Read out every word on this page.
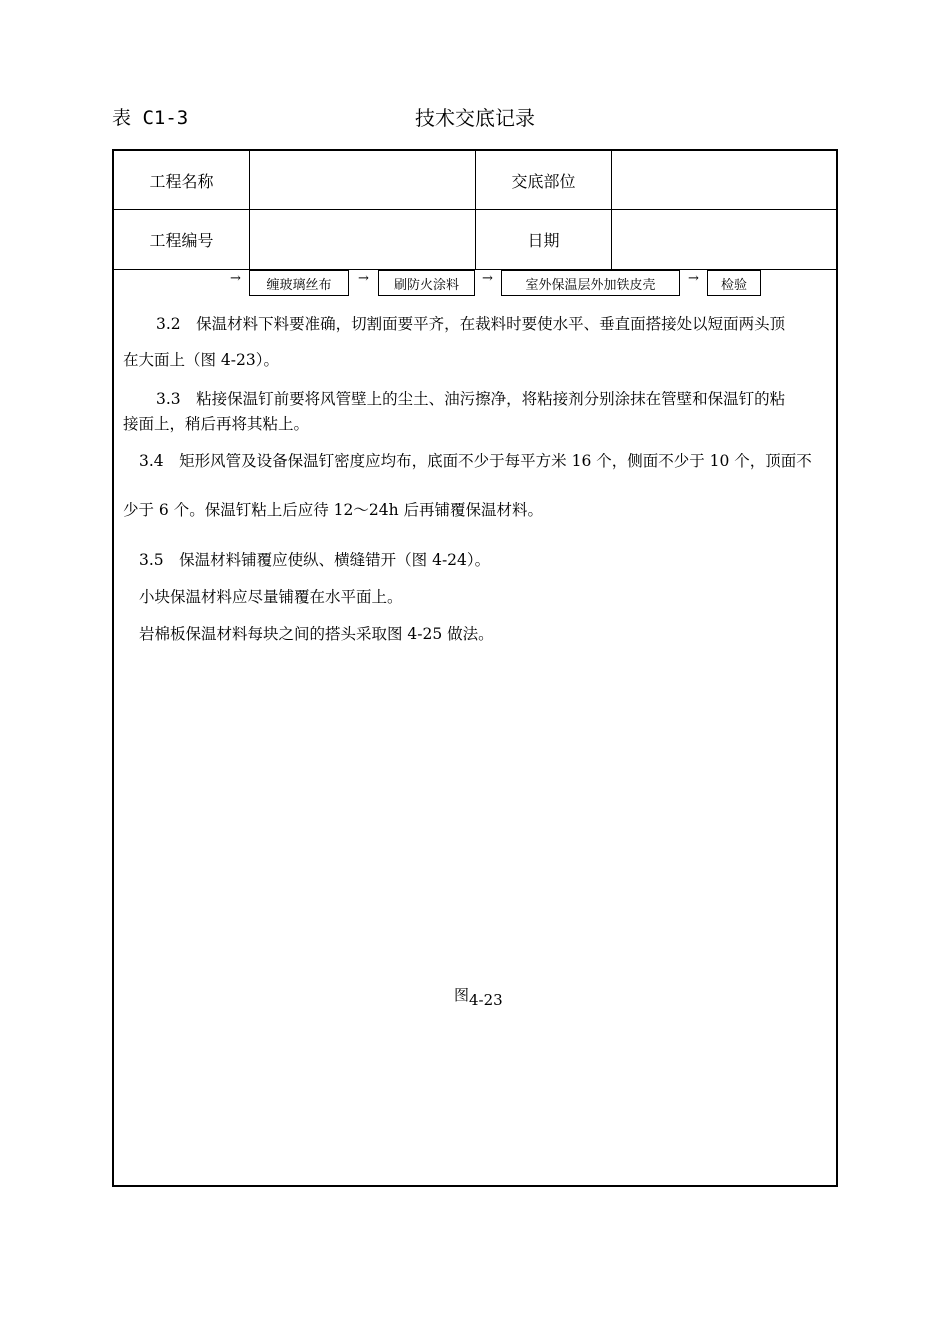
表 C1-3	技术交底记录
工程名称	交底部位
工程编号	日期
→	缠玻璃丝布	→	刷防火涂料	→	室外保温层外加铁皮壳	→	检验
3.2　保温材料下料要准确，切割面要平齐，在裁料时要使水平、垂直面搭接处以短面两头顶
在大面上（图 4-23）。
3.3　粘接保温钉前要将风管壁上的尘土、油污擦净，将粘接剂分别涂抹在管壁和保温钉的粘
接面上，稍后再将其粘上。
3.4　矩形风管及设备保温钉密度应均布，底面不少于每平方米 16 个，侧面不少于 10 个，顶面不
少于 6 个。保温钉粘上后应待 12～24h 后再铺覆保温材料。
3.5　保温材料铺覆应使纵、横缝错开（图 4-24）。
小块保温材料应尽量铺覆在水平面上。
岩棉板保温材料每块之间的搭头采取图 4-25 做法。
图4-23
